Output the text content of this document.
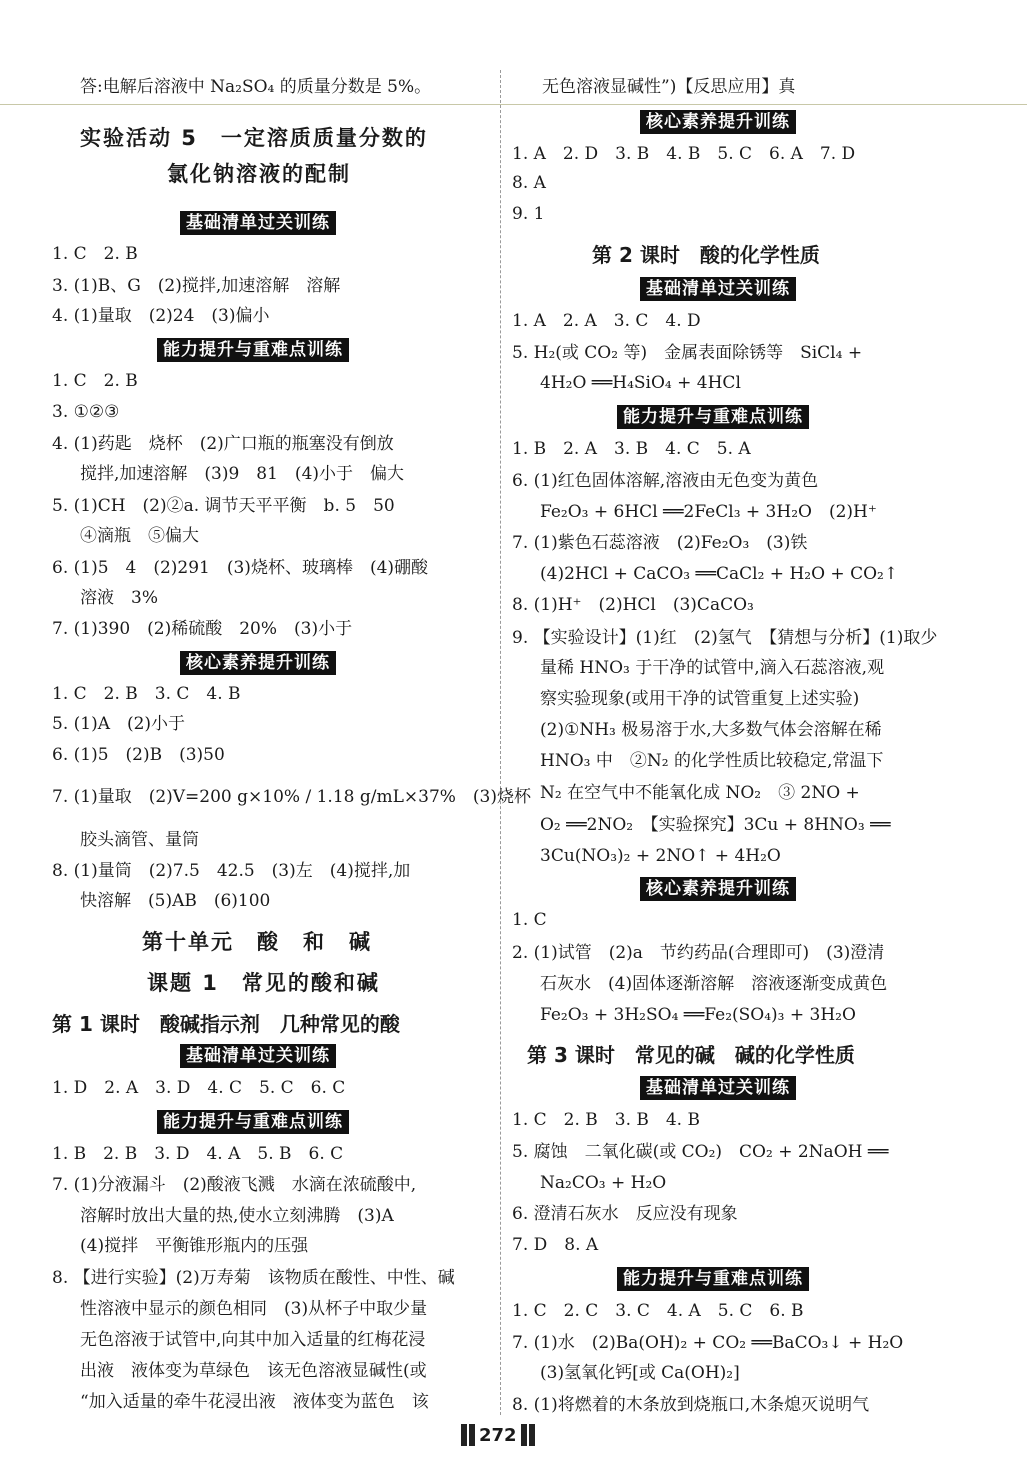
答:电解后溶液中 Na₂SO₄ 的质量分数是 5%。
实验活动 5　一定溶质质量分数的
氯化钠溶液的配制
基础清单过关训练
1. C　2. B
3. (1)B、G　(2)搅拌,加速溶解　溶解
4. (1)量取　(2)24　(3)偏小
能力提升与重难点训练
1. C　2. B
3. ①②③
4. (1)药匙　烧杯　(2)广口瓶的瓶塞没有倒放
搅拌,加速溶解　(3)9　81　(4)小于　偏大
5. (1)CH　(2)②a. 调节天平平衡　b. 5　50
④滴瓶　⑤偏大
6. (1)5　4　(2)291　(3)烧杯、玻璃棒　(4)硼酸
溶液　3%
7. (1)390　(2)稀硫酸　20%　(3)小于
核心素养提升训练
1. C　2. B　3. C　4. B
5. (1)A　(2)小于
6. (1)5　(2)B　(3)50
7. (1)量取　(2)V=200 g×10% / 1.18 g/mL×37%　(3)烧杯
胶头滴管、量筒
8. (1)量筒　(2)7.5　42.5　(3)左　(4)搅拌,加
快溶解　(5)AB　(6)100
第十单元　酸　和　碱
课题 1　常见的酸和碱
第 1 课时　酸碱指示剂　几种常见的酸
基础清单过关训练
1. D　2. A　3. D　4. C　5. C　6. C
能力提升与重难点训练
1. B　2. B　3. D　4. A　5. B　6. C
7. (1)分液漏斗　(2)酸液飞溅　水滴在浓硫酸中,
溶解时放出大量的热,使水立刻沸腾　(3)A
(4)搅拌　平衡锥形瓶内的压强
8. 【进行实验】(2)万寿菊　该物质在酸性、中性、碱
性溶液中显示的颜色相同　(3)从杯子中取少量
无色溶液于试管中,向其中加入适量的红梅花浸
出液　液体变为草绿色　该无色溶液显碱性(或
“加入适量的牵牛花浸出液　液体变为蓝色　该
无色溶液显碱性”)【反思应用】真
核心素养提升训练
1. A　2. D　3. B　4. B　5. C　6. A　7. D
8. A
9. 1
第 2 课时　酸的化学性质
基础清单过关训练
1. A　2. A　3. C　4. D
5. H₂(或 CO₂ 等)　金属表面除锈等　SiCl₄ +
4H₂O ══H₄SiO₄ + 4HCl
能力提升与重难点训练
1. B　2. A　3. B　4. C　5. A
6. (1)红色固体溶解,溶液由无色变为黄色
Fe₂O₃ + 6HCl ══2FeCl₃ + 3H₂O　(2)H⁺
7. (1)紫色石蕊溶液　(2)Fe₂O₃　(3)铁
(4)2HCl + CaCO₃ ══CaCl₂ + H₂O + CO₂↑
8. (1)H⁺　(2)HCl　(3)CaCO₃
9. 【实验设计】(1)红　(2)氢气　【猜想与分析】(1)取少
量稀 HNO₃ 于干净的试管中,滴入石蕊溶液,观
察实验现象(或用干净的试管重复上述实验)
(2)①NH₃ 极易溶于水,大多数气体会溶解在稀
HNO₃ 中　②N₂ 的化学性质比较稳定,常温下
N₂ 在空气中不能氧化成 NO₂　③ 2NO +
O₂ ══2NO₂　【实验探究】3Cu + 8HNO₃ ══
3Cu(NO₃)₂ + 2NO↑ + 4H₂O
核心素养提升训练
1. C
2. (1)试管　(2)a　节约药品(合理即可)　(3)澄清
石灰水　(4)固体逐渐溶解　溶液逐渐变成黄色
Fe₂O₃ + 3H₂SO₄ ══Fe₂(SO₄)₃ + 3H₂O
第 3 课时　常见的碱　碱的化学性质
基础清单过关训练
1. C　2. B　3. B　4. B
5. 腐蚀　二氧化碳(或 CO₂)　CO₂ + 2NaOH ══
Na₂CO₃ + H₂O
6. 澄清石灰水　反应没有现象
7. D　8. A
能力提升与重难点训练
1. C　2. C　3. C　4. A　5. C　6. B
7. (1)水　(2)Ba(OH)₂ + CO₂ ══BaCO₃↓ + H₂O
(3)氢氧化钙[或 Ca(OH)₂]
8. (1)将燃着的木条放到烧瓶口,木条熄灭说明气
272
